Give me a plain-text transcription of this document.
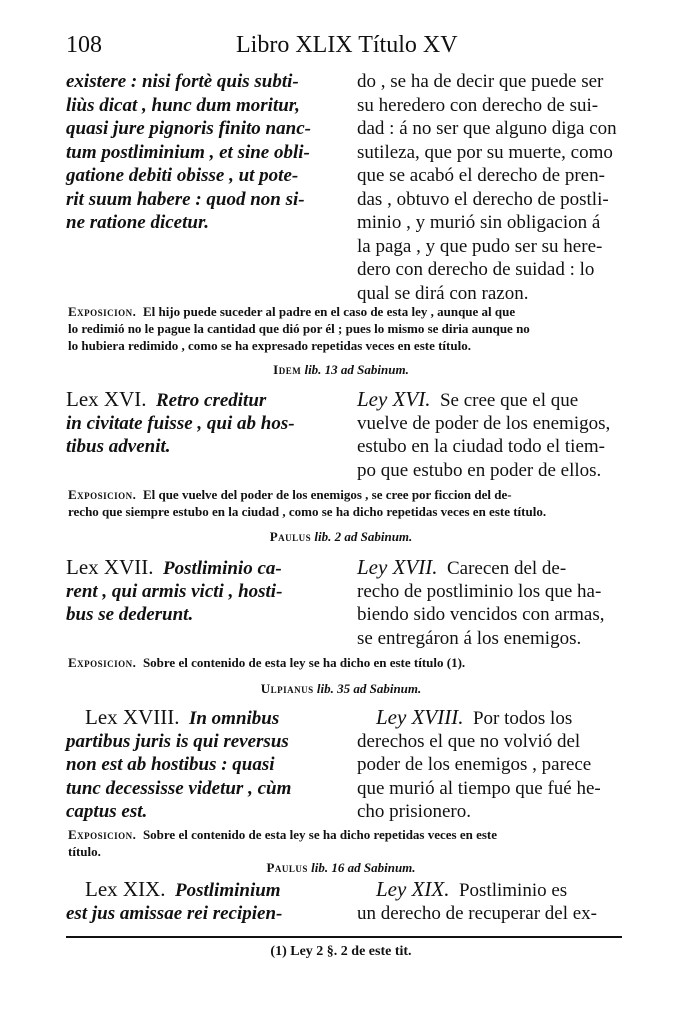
108	Libro XLIX Título XV
existere : nisi fortè quis subti-
liùs dicat , hunc dum moritur,
quasi jure pignoris finito nanc-
tum postliminium , et sine obli-
gatione debiti obisse , ut pote-
rit suum habere : quod non si-
ne ratione dicetur.
do , se ha de decir que puede ser
su heredero con derecho de sui-
dad : á no ser que alguno diga con
sutileza, que por su muerte, como
que se acabó el derecho de pren-
das , obtuvo el derecho de postli-
minio , y murió sin obligacion á
la paga , y que pudo ser su here-
dero con derecho de suidad : lo
qual se dirá con razon.
Exposicion. El hijo puede suceder al padre en el caso de esta ley , aunque al que
lo redimió no le pague la cantidad que dió por él ; pues lo mismo se diria aunque no
lo hubiera redimido , como se ha expresado repetidas veces en este título.
Idem lib. 13 ad Sabinum.
Lex XVI. Retro creditur
in civitate fuisse , qui ab hos-
tibus advenit.
Ley XVI. Se cree que el que
vuelve de poder de los enemigos,
estubo en la ciudad todo el tiem-
po que estubo en poder de ellos.
Exposicion. El que vuelve del poder de los enemigos , se cree por ficcion del de-
recho que siempre estubo en la ciudad , como se ha dicho repetidas veces en este título.
Paulus lib. 2 ad Sabinum.
Lex XVII. Postliminio ca-
rent , qui armis victi , hosti-
bus se dederunt.
Ley XVII. Carecen del de-
recho de postliminio los que ha-
biendo sido vencidos con armas,
se entregáron á los enemigos.
Exposicion. Sobre el contenido de esta ley se ha dicho en este título (1).
Ulpianus lib. 35 ad Sabinum.
Lex XVIII. In omnibus
partibus juris is qui reversus
non est ab hostibus : quasi
tunc decessisse videtur , cùm
captus est.
Ley XVIII. Por todos los
derechos el que no volvió del
poder de los enemigos , parece
que murió al tiempo que fué he-
cho prisionero.
Exposicion. Sobre el contenido de esta ley se ha dicho repetidas veces en este
título.
Paulus lib. 16 ad Sabinum.
Lex XIX. Postliminium
est jus amissae rei recipien-
Ley XIX. Postliminio es
un derecho de recuperar del ex-
(1) Ley 2 §. 2 de este tit.
